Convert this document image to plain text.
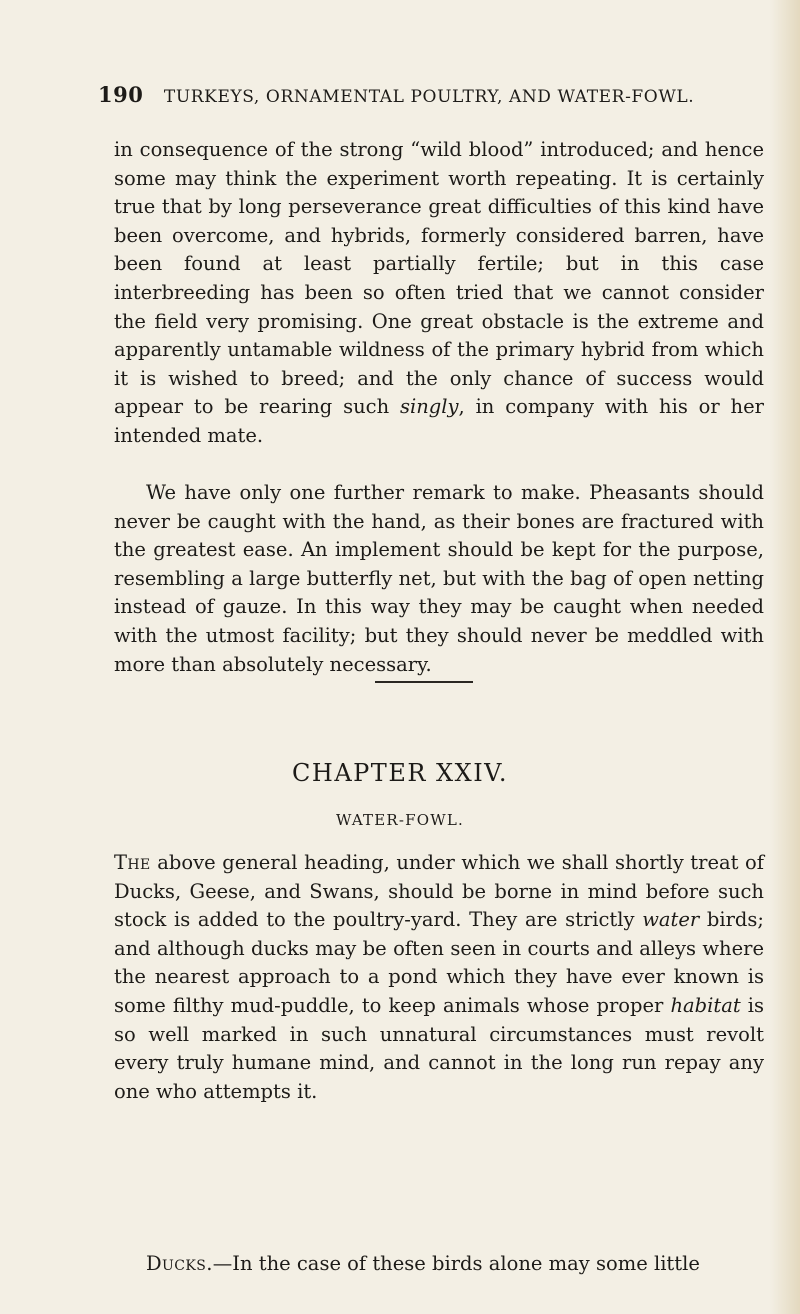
190 TURKEYS, ORNAMENTAL POULTRY, AND WATER-FOWL.

in consequence of the strong “wild blood” introduced; and hence some may think the experiment worth repeating. It is certainly true that by long perseverance great difficulties of this kind have been overcome, and hybrids, formerly considered barren, have been found at least partially fertile; but in this case interbreeding has been so often tried that we cannot consider the field very promising. One great obstacle is the extreme and apparently untamable wildness of the primary hybrid from which it is wished to breed; and the only chance of success would appear to be rearing such singly, in company with his or her intended mate.

We have only one further remark to make. Pheasants should never be caught with the hand, as their bones are fractured with the greatest ease. An implement should be kept for the purpose, resembling a large butterfly net, but with the bag of open netting instead of gauze. In this way they may be caught when needed with the utmost facility; but they should never be meddled with more than absolutely necessary.

CHAPTER XXIV.
WATER-FOWL.

The above general heading, under which we shall shortly treat of Ducks, Geese, and Swans, should be borne in mind before such stock is added to the poultry-yard. They are strictly water birds; and although ducks may be often seen in courts and alleys where the nearest approach to a pond which they have ever known is some filthy mud-puddle, to keep animals whose proper habitat is so well marked in such unnatural circumstances must revolt every truly humane mind, and cannot in the long run repay any one who attempts it.

Ducks.—In the case of these birds alone may some little
